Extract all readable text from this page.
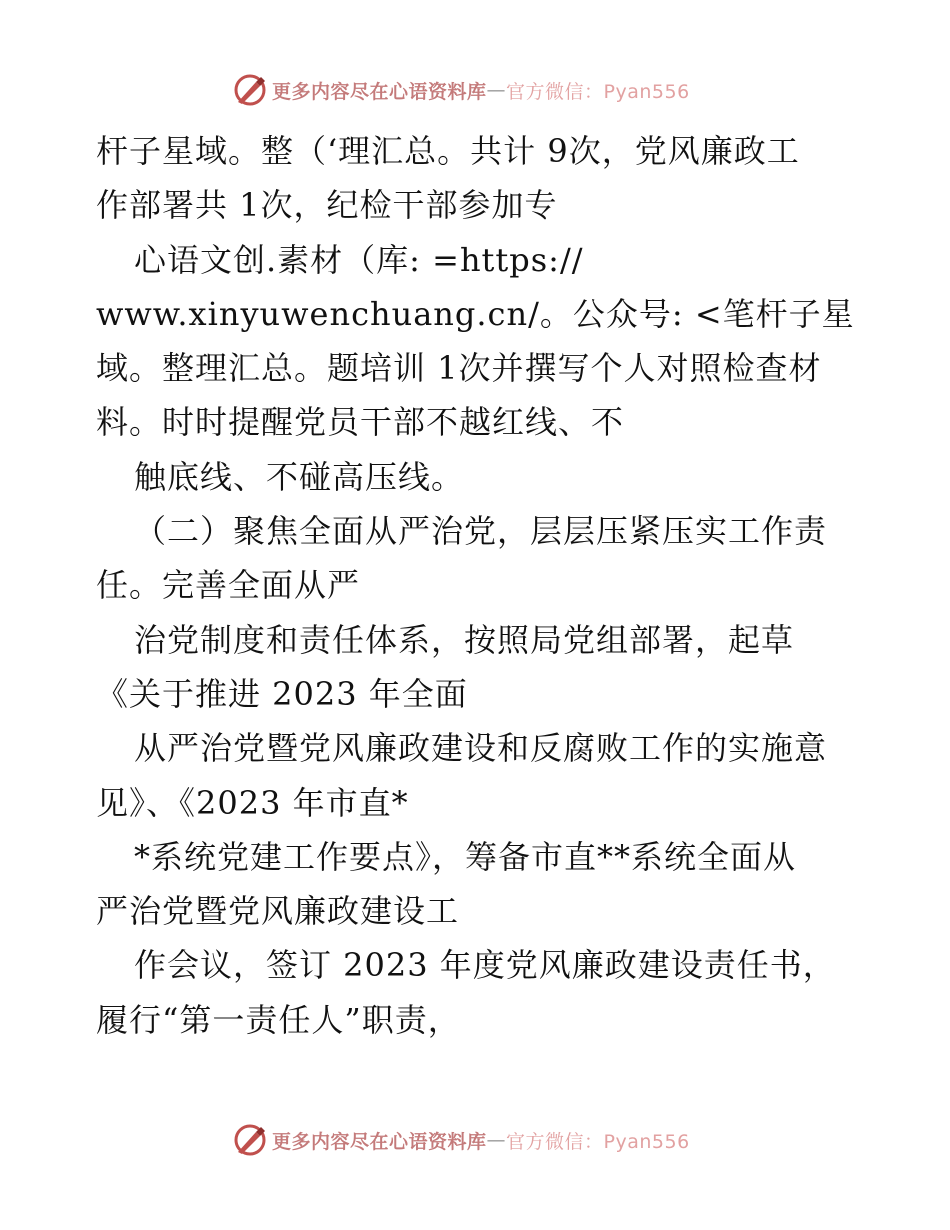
更多内容尽在心语资料库 — 官方微信：Pyan556
杆子星域。整（‘理汇总。共计 9次，党风廉政工
作部署共 1次，纪检干部参加专
心语文创.素材（库: =https://
www.xinyuwenchuang.cn/。公众号: <笔杆子星
域。整理汇总。题培训 1次并撰写个人对照检查材
料。时时提醒党员干部不越红线、不
触底线、不碰高压线。
（二）聚焦全面从严治党，层层压紧压实工作责
任。完善全面从严
治党制度和责任体系，按照局党组部署，起草
《关于推进 2023 年全面
从严治党暨党风廉政建设和反腐败工作的实施意
见》、《2023 年市直*
*系统党建工作要点》，筹备市直**系统全面从
严治党暨党风廉政建设工
作会议，签订 2023 年度党风廉政建设责任书，
履行“第一责任人”职责，
更多内容尽在心语资料库 — 官方微信：Pyan556
